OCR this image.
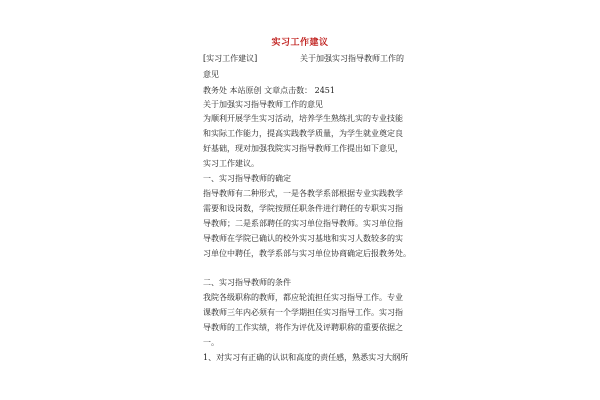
实习工作建议
[实习工作建议]	关于加强实习指导教师工作的
意见
教务处 本站原创 文章点击数： 2451
关于加强实习指导教师工作的意见
为顺利开展学生实习活动，培养学生熟练扎实的专业技能
和实际工作能力，提高实践教学质量，为学生就业奠定良
好基础，现对加强我院实习指导教师工作提出如下意见，
实习工作建议。
一、实习指导教师的确定
指导教师有二种形式，一是各教学系部根据专业实践教学
需要和设岗数，学院按照任职条件进行聘任的专职实习指
导教师；二是系部聘任的实习单位指导教师。实习单位指
导教师在学院已确认的校外实习基地和实习人数较多的实
习单位中聘任，教学系部与实习单位协商确定后报教务处。
二、实习指导教师的条件
我院各级职称的教师，都应轮流担任实习指导工作。专业
课教师三年内必须有一个学期担任实习指导工作。实习指
导教师的工作实绩，将作为评优及评聘职称的重要依据之
一。
1、对实习有正确的认识和高度的责任感，熟悉实习大纲所
